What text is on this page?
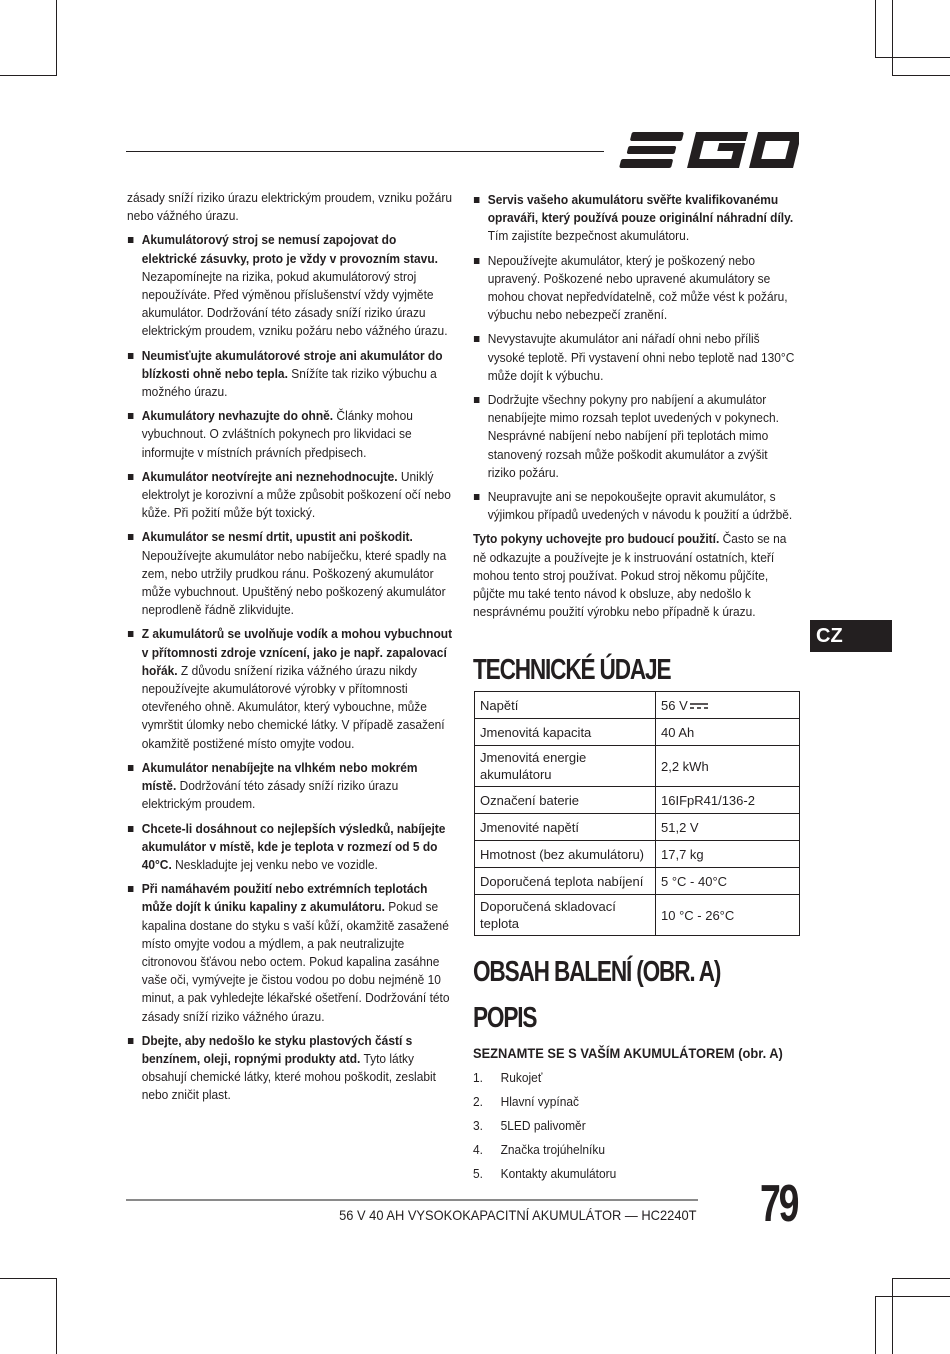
zásady sníží riziko úrazu elektrickým proudem, vzniku požáru nebo vážného úrazu.
Akumulátorový stroj se nemusí zapojovat do elektrické zásuvky, proto je vždy v provozním stavu. Nezapomínejte na rizika, pokud akumulátorový stroj nepoužíváte. Před výměnou příslušenství vždy vyjměte akumulátor. Dodržování této zásady sníží riziko úrazu elektrickým proudem, vzniku požáru nebo vážného úrazu.
Neumisťujte akumulátorové stroje ani akumulátor do blízkosti ohně nebo tepla. Snížíte tak riziko výbuchu a možného úrazu.
Akumulátory nevhazujte do ohně. Články mohou vybuchnout. O zvláštních pokynech pro likvidaci se informujte v místních právních předpisech.
Akumulátor neotvírejte ani neznehodnocujte. Uniklý elektrolyt je korozivní a může způsobit poškození očí nebo kůže. Při požití může být toxický.
Akumulátor se nesmí drtit, upustit ani poškodit. Nepoužívejte akumulátor nebo nabíječku, které spadly na zem, nebo utržily prudkou ránu. Poškozený akumulátor může vybuchnout. Upuštěný nebo poškozený akumulátor neprodleně řádně zlikvidujte.
Z akumulátorů se uvolňuje vodík a mohou vybuchnout v přítomnosti zdroje vznícení, jako je např. zapalovací hořák. Z důvodu snížení rizika vážného úrazu nikdy nepoužívejte akumulátorové výrobky v přítomnosti otevřeného ohně. Akumulátor, který vybouchne, může vymrštit úlomky nebo chemické látky. V případě zasažení okamžitě postižené místo omyjte vodou.
Akumulátor nenabíjejte na vlhkém nebo mokrém místě. Dodržování této zásady sníží riziko úrazu elektrickým proudem.
Chcete-li dosáhnout co nejlepších výsledků, nabíjejte akumulátor v místě, kde je teplota v rozmezí od 5 do 40°C. Neskladujte jej venku nebo ve vozidle.
Při namáhavém použití nebo extrémních teplotách může dojít k úniku kapaliny z akumulátoru. Pokud se kapalina dostane do styku s vaší kůží, okamžitě zasažené místo omyjte vodou a mýdlem, a pak neutralizujte citronovou šťávou nebo octem. Pokud kapalina zasáhne vaše oči, vymývejte je čistou vodou po dobu nejméně 10 minut, a pak vyhledejte lékařské ošetření. Dodržování této zásady sníží riziko vážného úrazu.
Dbejte, aby nedošlo ke styku plastových částí s benzínem, oleji, ropnými produkty atd. Tyto látky obsahují chemické látky, které mohou poškodit, zeslabit nebo zničit plast.
Servis vašeho akumulátoru svěřte kvalifikovanému opraváři, který používá pouze originální náhradní díly. Tím zajistíte bezpečnost akumulátoru.
Nepoužívejte akumulátor, který je poškozený nebo upravený. Poškozené nebo upravené akumulátory se mohou chovat nepředvídatelně, což může vést k požáru, výbuchu nebo nebezpečí zranění.
Nevystavujte akumulátor ani nářadí ohni nebo příliš vysoké teplotě. Při vystavení ohni nebo teplotě nad 130°C může dojít k výbuchu.
Dodržujte všechny pokyny pro nabíjení a akumulátor nenabíjejte mimo rozsah teplot uvedených v pokynech. Nesprávné nabíjení nebo nabíjení při teplotách mimo stanovený rozsah může poškodit akumulátor a zvýšit riziko požáru.
Neupravujte ani se nepokoušejte opravit akumulátor, s výjimkou případů uvedených v návodu k použití a údržbě.
Tyto pokyny uchovejte pro budoucí použití. Často se na ně odkazujte a používejte je k instruování ostatních, kteří mohou tento stroj používat. Pokud stroj někomu půjčíte, půjčte mu také tento návod k obsluze, aby nedošlo k nesprávnému použití výrobku nebo případně k úrazu.
CZ
TECHNICKÉ ÚDAJE
Napětí	56 V
Jmenovitá kapacita	40 Ah
Jmenovitá energie akumulátoru	2,2 kWh
Označení baterie	16IFpR41/136-2
Jmenovité napětí	51,2 V
Hmotnost (bez akumulátoru)	17,7 kg
Doporučená teplota nabíjení	5 °C - 40°C
Doporučená skladovací teplota	10 °C - 26°C
OBSAH BALENÍ (OBR. A)
POPIS
SEZNAMTE SE S VAŠÍM AKUMULÁTOREM (obr. A)
1. Rukojeť
2. Hlavní vypínač
3. 5LED palivoměr
4. Značka trojúhelníku
5. Kontakty akumulátoru
56 V 40 AH VYSOKOKAPACITNÍ AKUMULÁTOR — HC2240T 79
